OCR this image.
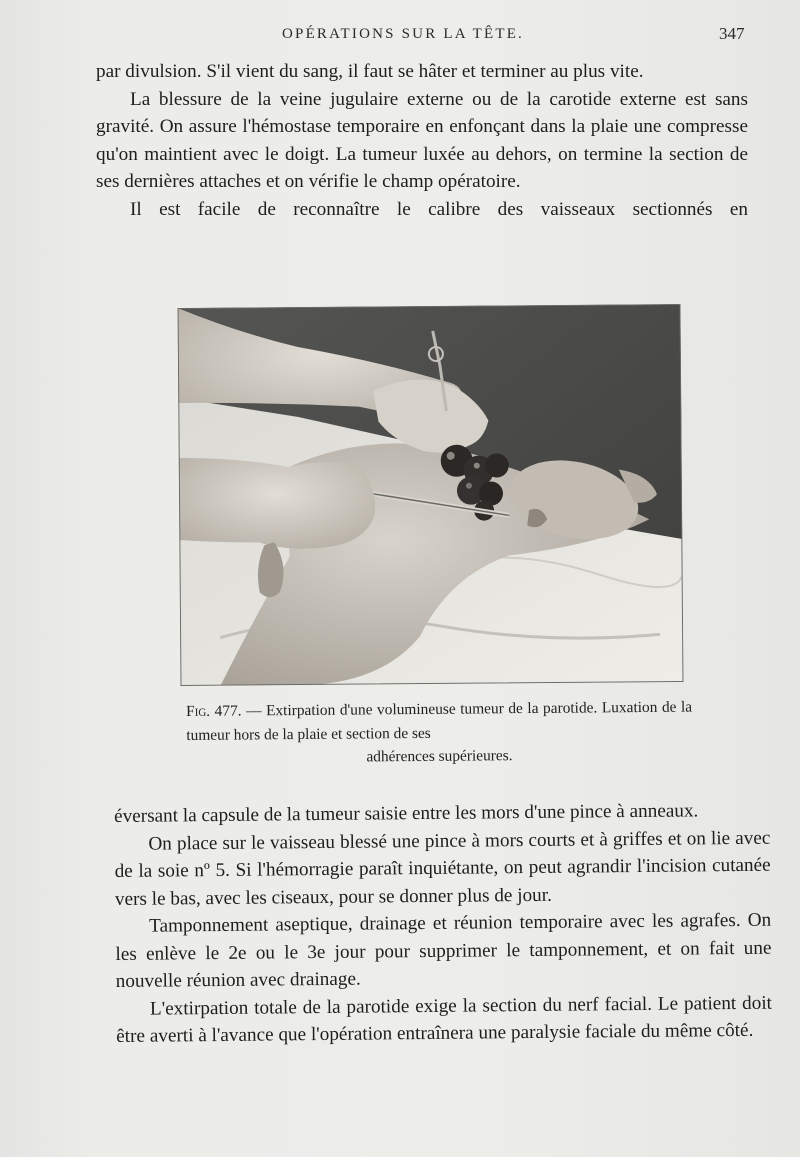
OPÉRATIONS SUR LA TÊTE.	347

par divulsion. S'il vient du sang, il faut se hâter et terminer au plus vite.

La blessure de la veine jugulaire externe ou de la carotide externe est sans gravité. On assure l'hémostase temporaire en enfonçant dans la plaie une compresse qu'on maintient avec le doigt. La tumeur luxée au dehors, on termine la section de ses dernières attaches et on vérifie le champ opératoire.

Il est facile de reconnaître le calibre des vaisseaux sectionnés en

Fig. 477. — Extirpation d'une volumineuse tumeur de la parotide. Luxation de la tumeur hors de la plaie et section de ses
adhérences supérieures.

éversant la capsule de la tumeur saisie entre les mors d'une pince à anneaux.

On place sur le vaisseau blessé une pince à mors courts et à griffes et on lie avec de la soie nº 5. Si l'hémorragie paraît inquiétante, on peut agrandir l'incision cutanée vers le bas, avec les ciseaux, pour se donner plus de jour.

Tamponnement aseptique, drainage et réunion temporaire avec les agrafes. On les enlève le 2e ou le 3e jour pour supprimer le tamponnement, et on fait une nouvelle réunion avec drainage.

L'extirpation totale de la parotide exige la section du nerf facial. Le patient doit être averti à l'avance que l'opération entraînera une paralysie faciale du même côté.
